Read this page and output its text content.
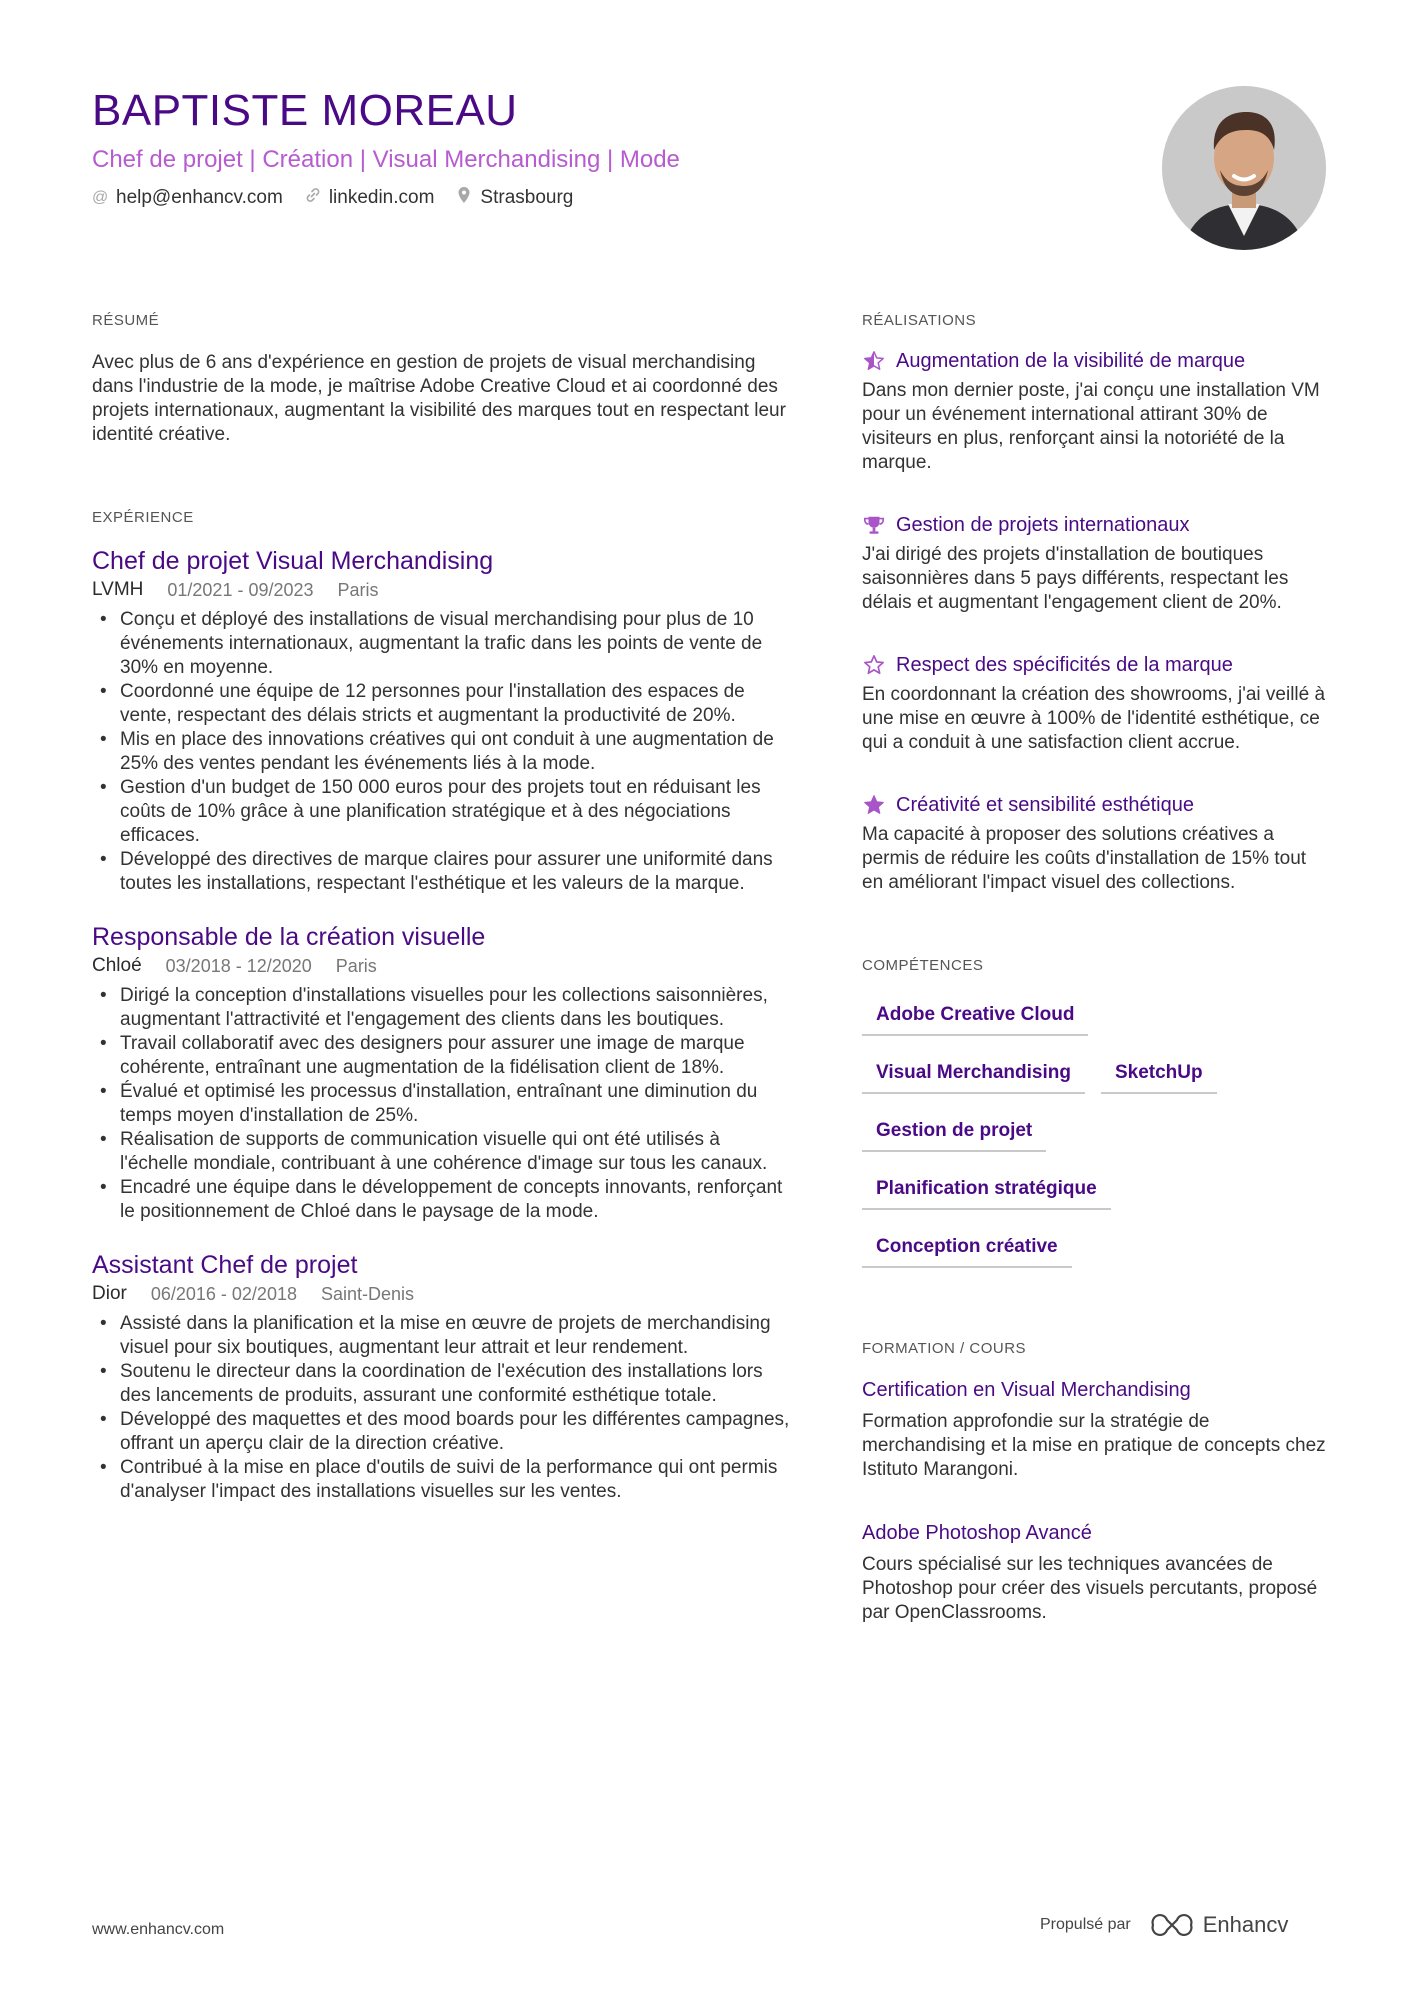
BAPTISTE MOREAU
Chef de projet | Création | Visual Merchandising | Mode
@ help@enhancv.com linkedin.com Strasbourg
RÉSUMÉ

Avec plus de 6 ans d'expérience en gestion de projets de visual merchandising dans l'industrie de la mode, je maîtrise Adobe Creative Cloud et ai coordonné des projets internationaux, augmentant la visibilité des marques tout en respectant leur identité créative.

EXPÉRIENCE
Chef de projet Visual Merchandising
LVMH 01/2021 - 09/2023 Paris
• Conçu et déployé des installations de visual merchandising pour plus de 10 événements internationaux, augmentant la trafic dans les points de vente de 30% en moyenne.
• Coordonné une équipe de 12 personnes pour l'installation des espaces de vente, respectant des délais stricts et augmentant la productivité de 20%.
• Mis en place des innovations créatives qui ont conduit à une augmentation de 25% des ventes pendant les événements liés à la mode.
• Gestion d'un budget de 150 000 euros pour des projets tout en réduisant les coûts de 10% grâce à une planification stratégique et à des négociations efficaces.
• Développé des directives de marque claires pour assurer une uniformité dans toutes les installations, respectant l'esthétique et les valeurs de la marque.
Responsable de la création visuelle
Chloé 03/2018 - 12/2020 Paris
• Dirigé la conception d'installations visuelles pour les collections saisonnières, augmentant l'attractivité et l'engagement des clients dans les boutiques.
• Travail collaboratif avec des designers pour assurer une image de marque cohérente, entraînant une augmentation de la fidélisation client de 18%.
• Évalué et optimisé les processus d'installation, entraînant une diminution du temps moyen d'installation de 25%.
• Réalisation de supports de communication visuelle qui ont été utilisés à l'échelle mondiale, contribuant à une cohérence d'image sur tous les canaux.
• Encadré une équipe dans le développement de concepts innovants, renforçant le positionnement de Chloé dans le paysage de la mode.
Assistant Chef de projet
Dior 06/2016 - 02/2018 Saint-Denis
• Assisté dans la planification et la mise en œuvre de projets de merchandising visuel pour six boutiques, augmentant leur attrait et leur rendement.
• Soutenu le directeur dans la coordination de l'exécution des installations lors des lancements de produits, assurant une conformité esthétique totale.
• Développé des maquettes et des mood boards pour les différentes campagnes, offrant un aperçu clair de la direction créative.
• Contribué à la mise en place d'outils de suivi de la performance qui ont permis d'analyser l'impact des installations visuelles sur les ventes.
RÉALISATIONS
Augmentation de la visibilité de marque

Dans mon dernier poste, j'ai conçu une installation VM pour un événement international attirant 30% de visiteurs en plus, renforçant ainsi la notoriété de la marque.

Gestion de projets internationaux

J'ai dirigé des projets d'installation de boutiques saisonnières dans 5 pays différents, respectant les délais et augmentant l'engagement client de 20%.

Respect des spécificités de la marque

En coordonnant la création des showrooms, j'ai veillé à une mise en œuvre à 100% de l'identité esthétique, ce qui a conduit à une satisfaction client accrue.

Créativité et sensibilité esthétique

Ma capacité à proposer des solutions créatives a permis de réduire les coûts d'installation de 15% tout en améliorant l'impact visuel des collections.

COMPÉTENCES
Adobe Creative Cloud
Visual Merchandising	SketchUp
Gestion de projet
Planification stratégique
Conception créative
FORMATION / COURS
Certification en Visual Merchandising

Formation approfondie sur la stratégie de merchandising et la mise en pratique de concepts chez Istituto Marangoni.

Adobe Photoshop Avancé

Cours spécialisé sur les techniques avancées de Photoshop pour créer des visuels percutants, proposé par OpenClassrooms.

www.enhancv.com	Propulsé par	Enhancv
